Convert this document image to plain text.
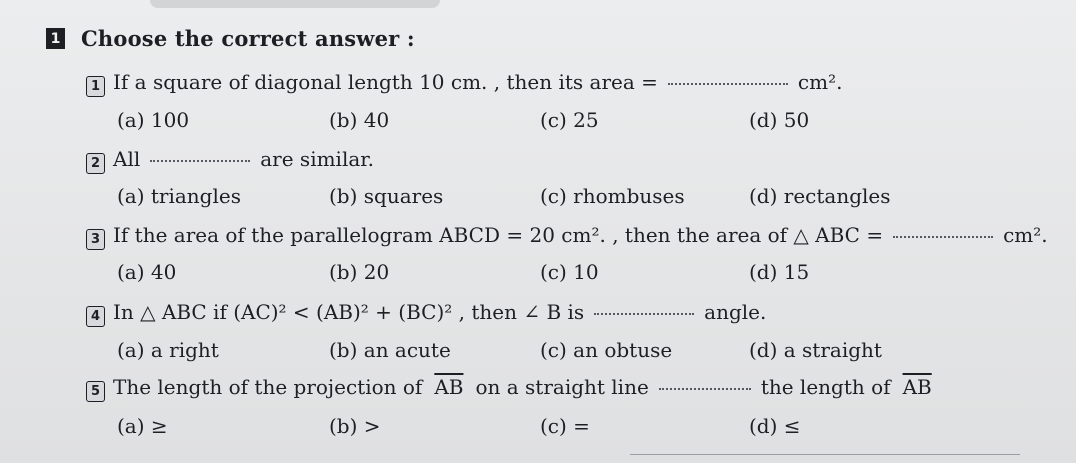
1 Choose the correct answer :
1 If a square of diagonal length 10 cm. , then its area =	cm².
(a) 100	(b) 40	(c) 25	(d) 50
2 All	are similar.
(a) triangles	(b) squares	(c) rhombuses	(d) rectangles
3 If the area of the parallelogram ABCD = 20 cm². , then the area of △ ABC =	cm².
(a) 40	(b) 20	(c) 10	(d) 15
4 In △ ABC if (AC)² < (AB)² + (BC)² , then ∠ B is	angle.
(a) a right	(b) an acute	(c) an obtuse	(d) a straight
5 The length of the projection of $\overline{AB}$ on a straight line	the length of $\overline{AB}$
(a) ≥	(b) >	(c) =	(d) ≤
